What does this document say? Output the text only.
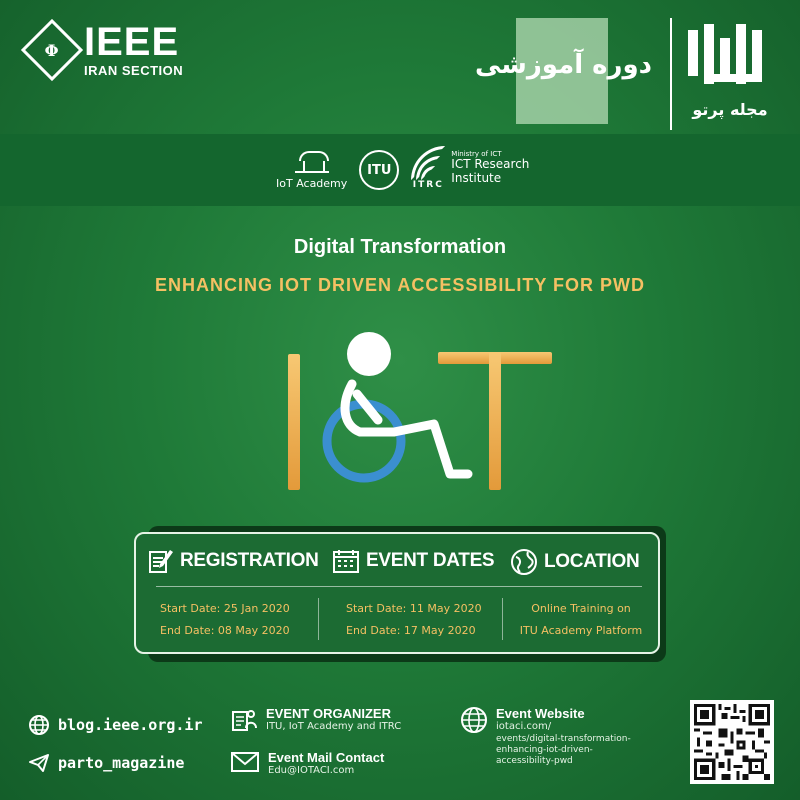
Φ IEEE
IRAN SECTION	دوره آموزشی
مجله پرتو
IoT Academy
ITU
ITRC
Ministry of ICT
ICT Research
Institute
Digital Transformation
ENHANCING IOT DRIVEN ACCESSIBILITY FOR PWD
REGISTRATION EVENT DATES	LOCATION
Start Date: 25 Jan 2020
End Date: 08 May 2020
Start Date: 11 May 2020
End Date: 17 May 2020
Online Training on
ITU Academy Platform
blog.ieee.org.ir
parto_magazine
EVENT ORGANIZER
ITU, IoT Academy and ITRC
Event Mail Contact
Edu@IOTACI.com
Event Website
iotaci.com/
events/digital-transformation-
enhancing-iot-driven-
accessibility-pwd
